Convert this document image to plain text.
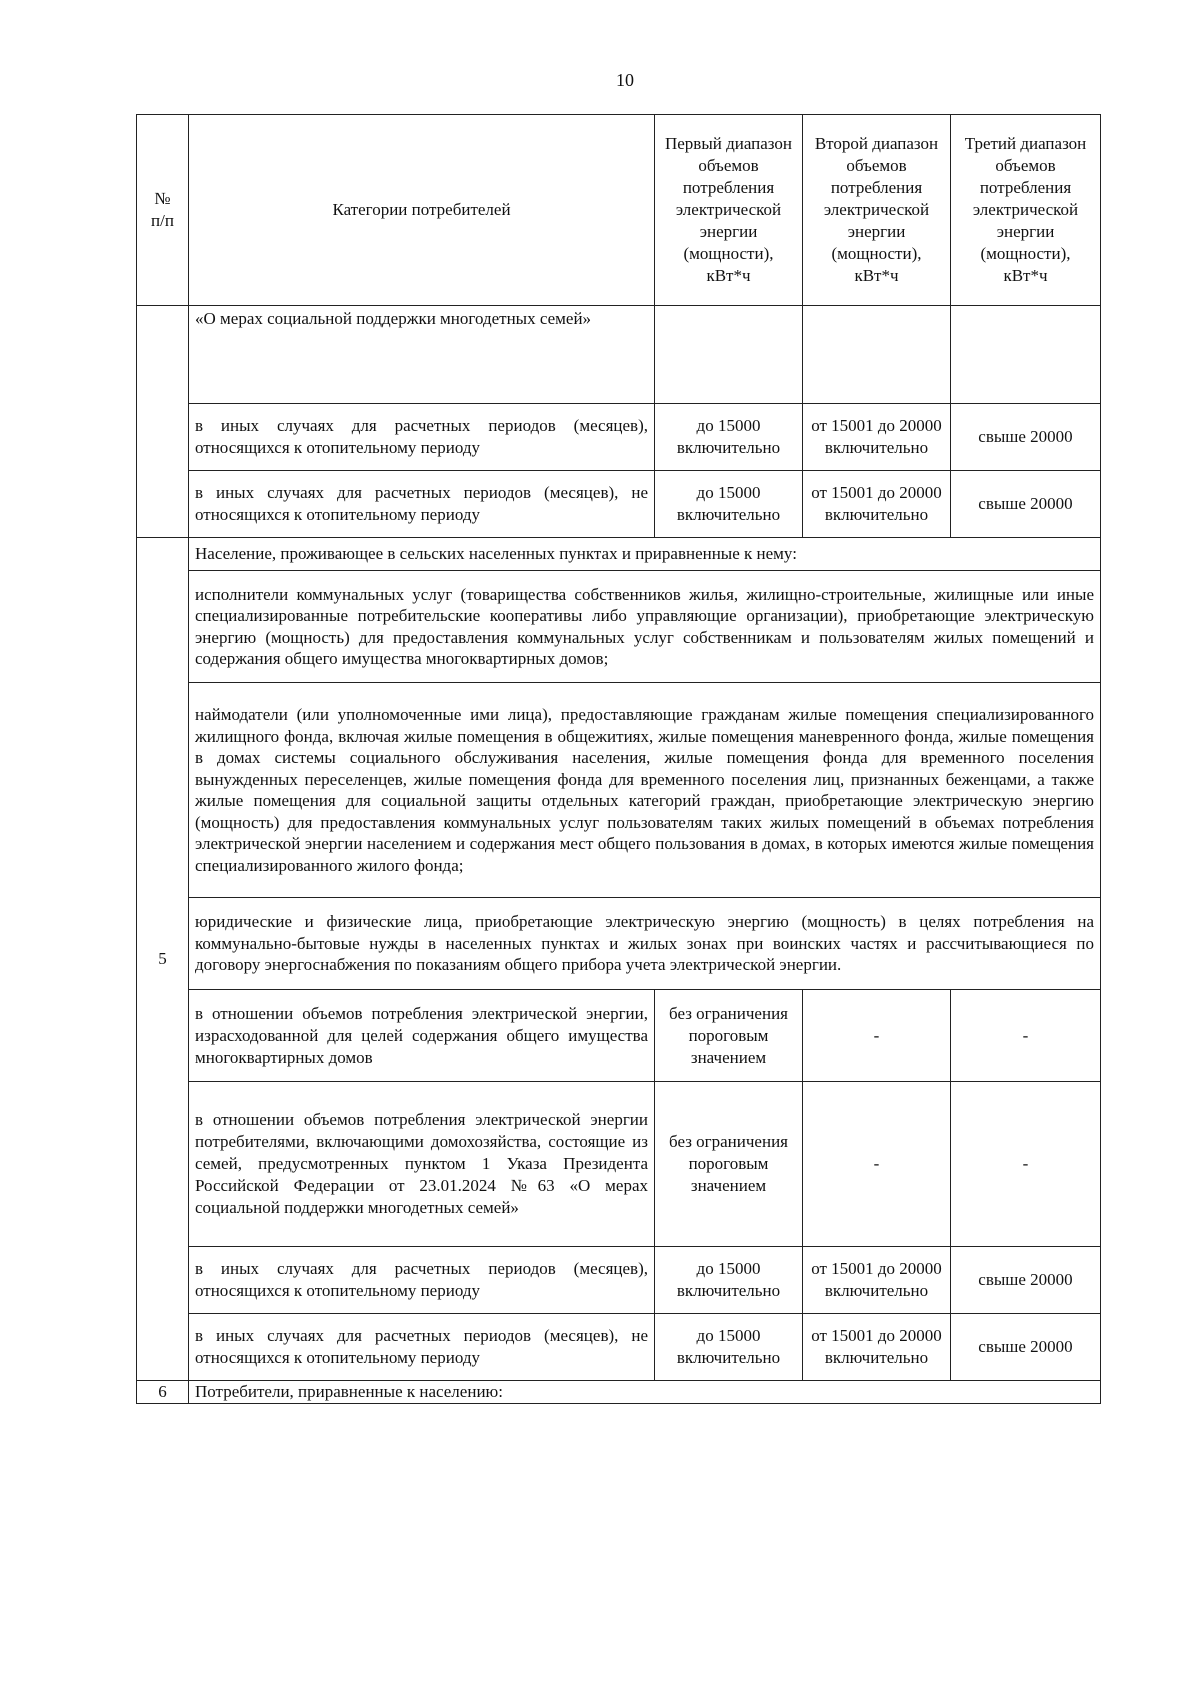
10
№
п/п	Категории потребителей	Первый диапазон объемов потребления электрической энергии (мощности), кВт*ч	Второй диапазон объемов потребления электрической энергии (мощности), кВт*ч	Третий диапазон объемов потребления электрической энергии (мощности), кВт*ч
	«О мерах социальной поддержки многодетных семей»			
	в иных случаях для расчетных периодов (месяцев), относящихся к отопительному периоду	до 15000 включительно	от 15001 до 20000 включительно	свыше 20000
	в иных случаях для расчетных периодов (месяцев), не относящихся к отопительному периоду	до 15000 включительно	от 15001 до 20000 включительно	свыше 20000
5	Население, проживающее в сельских населенных пунктах и приравненные к нему:			
	исполнители коммунальных услуг (товарищества собственников жилья, жилищно-строительные, жилищные или иные специализированные потребительские кооперативы либо управляющие организации), приобретающие электрическую энергию (мощность) для предоставления коммунальных услуг собственникам и пользователям жилых помещений и содержания общего имущества многоквартирных домов;			
	наймодатели (или уполномоченные ими лица), предоставляющие гражданам жилые помещения специализированного жилищного фонда, включая жилые помещения в общежитиях, жилые помещения маневренного фонда, жилые помещения в домах системы социального обслуживания населения, жилые помещения фонда для временного поселения вынужденных переселенцев, жилые помещения фонда для временного поселения лиц, признанных беженцами, а также жилые помещения для социальной защиты отдельных категорий граждан, приобретающие электрическую энергию (мощность) для предоставления коммунальных услуг пользователям таких жилых помещений в объемах потребления электрической энергии населением и содержания мест общего пользования в домах, в которых имеются жилые помещения специализированного жилого фонда;			
	юридические и физические лица, приобретающие электрическую энергию (мощность) в целях потребления на коммунально-бытовые нужды в населенных пунктах и жилых зонах при воинских частях и рассчитывающиеся по договору энергоснабжения по показаниям общего прибора учета электрической энергии.			
	в отношении объемов потребления электрической энергии, израсходованной для целей содержания общего имущества многоквартирных домов	без ограничения пороговым значением	-	-
	в отношении объемов потребления электрической энергии потребителями, включающими домохозяйства, состоящие из семей, предусмотренных пунктом 1 Указа Президента Российской Федерации от 23.01.2024 №63 «О мерах социальной поддержки многодетных семей»	без ограничения пороговым значением	-	-
	в иных случаях для расчетных периодов (месяцев), относящихся к отопительному периоду	до 15000 включительно	от 15001 до 20000 включительно	свыше 20000
	в иных случаях для расчетных периодов (месяцев), не относящихся к отопительному периоду	до 15000 включительно	от 15001 до 20000 включительно	свыше 20000
6	Потребители, приравненные к населению:			
